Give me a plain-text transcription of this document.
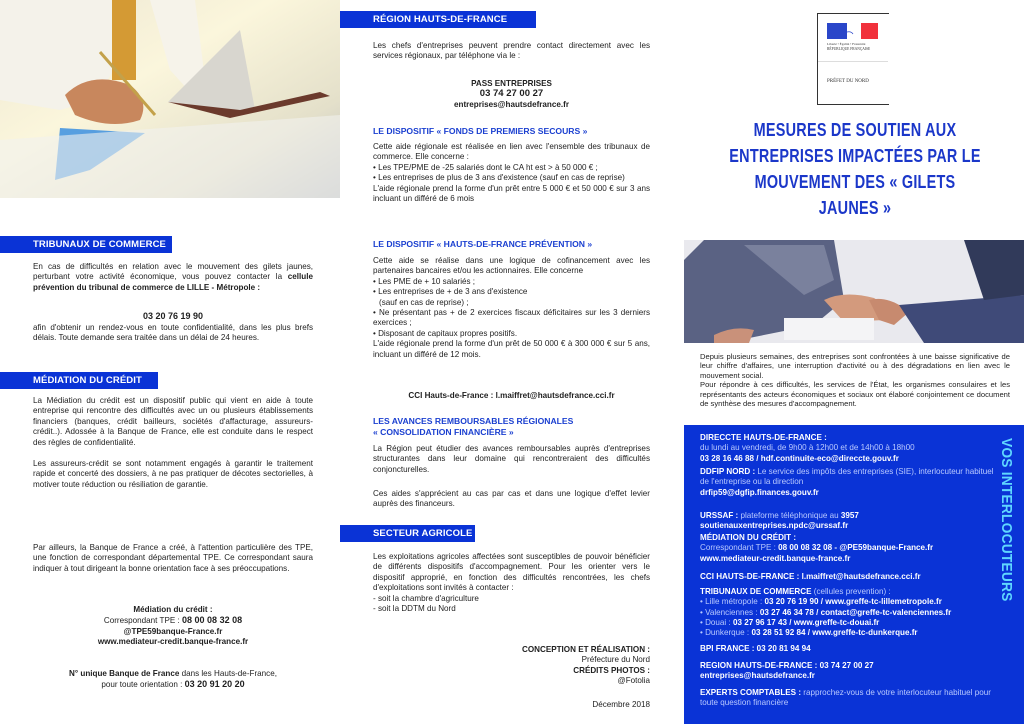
TRIBUNAUX DE COMMERCE
En cas de difficultés en relation avec le mouvement des gilets jaunes, perturbant votre activité économique, vous pouvez contacter la cellule prévention du tribunal de commerce de LILLE - Métropole :
03 20 76 19 90
afin d'obtenir un rendez-vous en toute confidentialité, dans les plus brefs délais. Toute demande sera traitée dans un délai de 24 heures.
MÉDIATION DU CRÉDIT
La Médiation du crédit est un dispositif public qui vient en aide à toute entreprise qui rencontre des difficultés avec un ou plusieurs établissements financiers (banques, crédit bailleurs, sociétés d'affacturage, assureurs-crédit..). Adossée à la Banque de France, elle est conduite dans le respect des règles de confidentialité.
Les assureurs-crédit se sont notamment engagés à garantir le traitement rapide et concerté des dossiers, à ne pas pratiquer de décotes sectorielles, à motiver toute réduction ou résiliation de garantie.
Par ailleurs, la Banque de France a créé, à l'attention particulière des TPE, une fonction de correspondant départemental TPE. Ce correspondant saura indiquer à tout dirigeant la bonne orientation face à ses préoccupations.
Médiation du crédit :
Correspondant TPE : 08 00 08 32 08
@TPE59banque-France.fr
www.mediateur-credit.banque-france.fr
N° unique Banque de France dans les Hauts-de-France,
pour toute orientation : 03 20 91 20 20
RÉGION HAUTS-DE-FRANCE
Les chefs d'entreprises peuvent prendre contact directement avec les services régionaux, par téléphone via le :
PASS ENTREPRISES
03 74 27 00 27
entreprises@hautsdefrance.fr
LE DISPOSITIF « FONDS DE PREMIERS SECOURS »
Cette aide régionale est réalisée en lien avec l'ensemble des tribunaux de commerce. Elle concerne :
• Les TPE/PME de -25 salariés dont le CA ht est > à 50 000 € ;
• Les entreprises de plus de 3 ans d'existence (sauf en cas de reprise)
L'aide régionale prend la forme d'un prêt entre 5 000 € et 50 000 € sur 3 ans incluant un différé de 6 mois
LE DISPOSITIF « HAUTS-DE-FRANCE PRÉVENTION »
Cette aide se réalise dans une logique de cofinancement avec les partenaires bancaires et/ou les actionnaires. Elle concerne
• Les PME de + 10 salariés ;
• Les entreprises de + de 3 ans d'existence
(sauf en cas de reprise) ;
• Ne présentant pas + de 2 exercices fiscaux déficitaires sur les 3 derniers exercices ;
• Disposant de capitaux propres positifs.
L'aide régionale prend la forme d'un prêt de 50 000 € à 300 000 € sur 5 ans, incluant un différé de 12 mois.
CCI Hauts-de-France : l.maiffret@hautsdefrance.cci.fr
LES AVANCES REMBOURSABLES RÉGIONALES
« CONSOLIDATION FINANCIÈRE »
La Région peut étudier des avances remboursables auprès d'entreprises structurantes dans leur domaine qui rencontreraient des difficultés conjoncturelles.
Ces aides s'apprécient au cas par cas et dans une logique d'effet levier auprès des financeurs.
SECTEUR AGRICOLE
Les exploitations agricoles affectées sont susceptibles de pouvoir bénéficier de différents dispositifs d'accompagnement. Pour les orienter vers le dispositif approprié, en fonction des difficultés rencontrées, les chefs d'exploitations sont invités à contacter :
- soit la chambre d'agriculture
- soit la DDTM du Nord
CONCEPTION ET RÉALISATION :
Préfecture du Nord
CRÉDITS PHOTOS :
@Fotolia
Décembre 2018
Liberté • Égalité • Fraternité
RÉPUBLIQUE FRANÇAISE
PRÉFET DU NORD
MESURES DE SOUTIEN AUX
ENTREPRISES IMPACTÉES PAR LE
MOUVEMENT DES « GILETS JAUNES »
Depuis plusieurs semaines, des entreprises sont confrontées à une baisse significative de leur chiffre d'affaires, une interruption d'activité ou à des dégradations en lien avec le mouvement social.
Pour répondre à ces difficultés, les services de l'État, les organismes consulaires et les représentants des acteurs économiques et sociaux ont élaboré conjointement ce document de synthèse des mesures d'accompagnement.
DIRECCTE HAUTS-DE-FRANCE :
du lundi au vendredi, de 9h00 à 12h00 et de 14h00 à 18h00
03 28 16 46 88 / hdf.continuite-eco@direccte.gouv.fr
DDFIP NORD : Le service des impôts des entreprises (SIE), interlocuteur habituel de l'entreprise ou la direction
drfip59@dgfip.finances.gouv.fr
URSSAF : plateforme téléphonique au 3957
soutienauxentreprises.npdc@urssaf.fr
MÉDIATION DU CRÉDIT :
Correspondant TPE : 08 00 08 32 08 - @PE59banque-France.fr
www.mediateur-credit.banque-france.fr
CCI HAUTS-DE-FRANCE : l.maiffret@hautsdefrance.cci.fr
TRIBUNAUX DE COMMERCE (cellules prevention) :
• Lille métropole : 03 20 76 19 90 / www.greffe-tc-lillemetropole.fr
• Valenciennes : 03 27 46 34 78 / contact@greffe-tc-valenciennes.fr
• Douai : 03 27 96 17 43 / www.greffe-tc-douai.fr
• Dunkerque : 03 28 51 92 84 / www.greffe-tc-dunkerque.fr
BPI FRANCE : 03 20 81 94 94
REGION HAUTS-DE-FRANCE : 03 74 27 00 27
entreprises@hautsdefrance.fr
EXPERTS COMPTABLES : rapprochez-vous de votre interlocuteur habituel pour toute question financière
VOS INTERLOCUTEURS
